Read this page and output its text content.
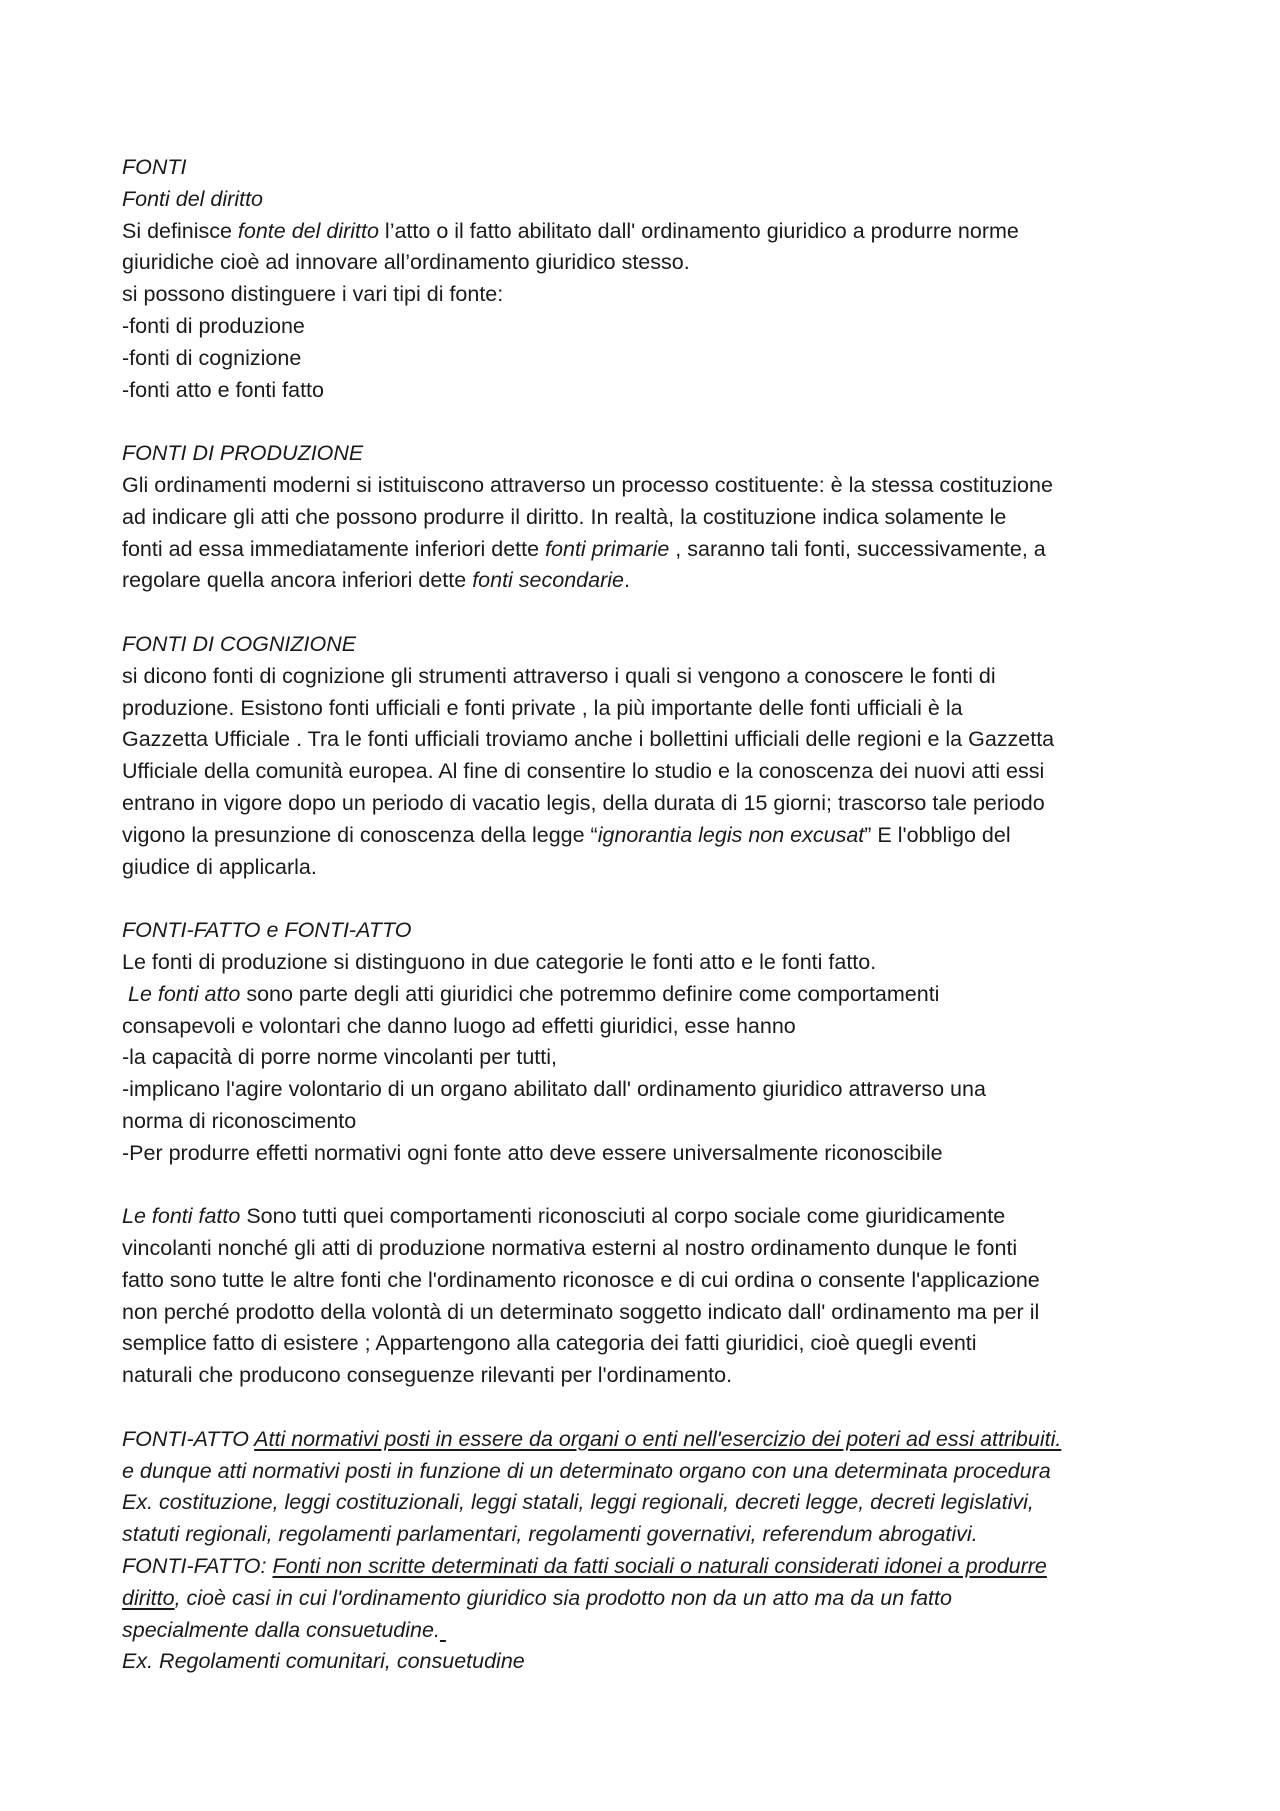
FONTI
Fonti del diritto
Si definisce fonte del diritto l’atto o il fatto abilitato dall' ordinamento giuridico a produrre norme
giuridiche cioè ad innovare all’ordinamento giuridico stesso.
si possono distinguere i vari tipi di fonte:
-fonti di produzione
-fonti di cognizione
-fonti atto e fonti fatto
FONTI DI PRODUZIONE
Gli ordinamenti moderni si istituiscono attraverso un processo costituente: è la stessa costituzione
ad indicare gli atti che possono produrre il diritto. In realtà, la costituzione indica solamente le
fonti ad essa immediatamente inferiori dette fonti primarie , saranno tali fonti, successivamente, a
regolare quella ancora inferiori dette fonti secondarie.
FONTI DI COGNIZIONE
si dicono fonti di cognizione gli strumenti attraverso i quali si vengono a conoscere le fonti di
produzione. Esistono fonti ufficiali e fonti private , la più importante delle fonti ufficiali è la
Gazzetta Ufficiale . Tra le fonti ufficiali troviamo anche i bollettini ufficiali delle regioni e la Gazzetta
Ufficiale della comunità europea. Al fine di consentire lo studio e la conoscenza dei nuovi atti essi
entrano in vigore dopo un periodo di vacatio legis, della durata di 15 giorni; trascorso tale periodo
vigono la presunzione di conoscenza della legge “ignorantia legis non excusat” E l'obbligo del
giudice di applicarla.
FONTI-FATTO e FONTI-ATTO
Le fonti di produzione si distinguono in due categorie le fonti atto e le fonti fatto.
Le fonti atto sono parte degli atti giuridici che potremmo definire come comportamenti
consapevoli e volontari che danno luogo ad effetti giuridici, esse hanno
-la capacità di porre norme vincolanti per tutti,
-implicano l'agire volontario di un organo abilitato dall' ordinamento giuridico attraverso una
norma di riconoscimento
-Per produrre effetti normativi ogni fonte atto deve essere universalmente riconoscibile
Le fonti fatto Sono tutti quei comportamenti riconosciuti al corpo sociale come giuridicamente
vincolanti nonché gli atti di produzione normativa esterni al nostro ordinamento dunque le fonti
fatto sono tutte le altre fonti che l'ordinamento riconosce e di cui ordina o consente l'applicazione
non perché prodotto della volontà di un determinato soggetto indicato dall' ordinamento ma per il
semplice fatto di esistere ; Appartengono alla categoria dei fatti giuridici, cioè quegli eventi
naturali che producono conseguenze rilevanti per l'ordinamento.
FONTI-ATTO Atti normativi posti in essere da organi o enti nell'esercizio dei poteri ad essi attribuiti.
e dunque atti normativi posti in funzione di un determinato organo con una determinata procedura
Ex. costituzione, leggi costituzionali, leggi statali, leggi regionali, decreti legge, decreti legislativi,
statuti regionali, regolamenti parlamentari, regolamenti governativi, referendum abrogativi.
FONTI-FATTO: Fonti non scritte determinati da fatti sociali o naturali considerati idonei a produrre
diritto, cioè casi in cui l'ordinamento giuridico sia prodotto non da un atto ma da un fatto
specialmente dalla consuetudine.
Ex. Regolamenti comunitari, consuetudine
